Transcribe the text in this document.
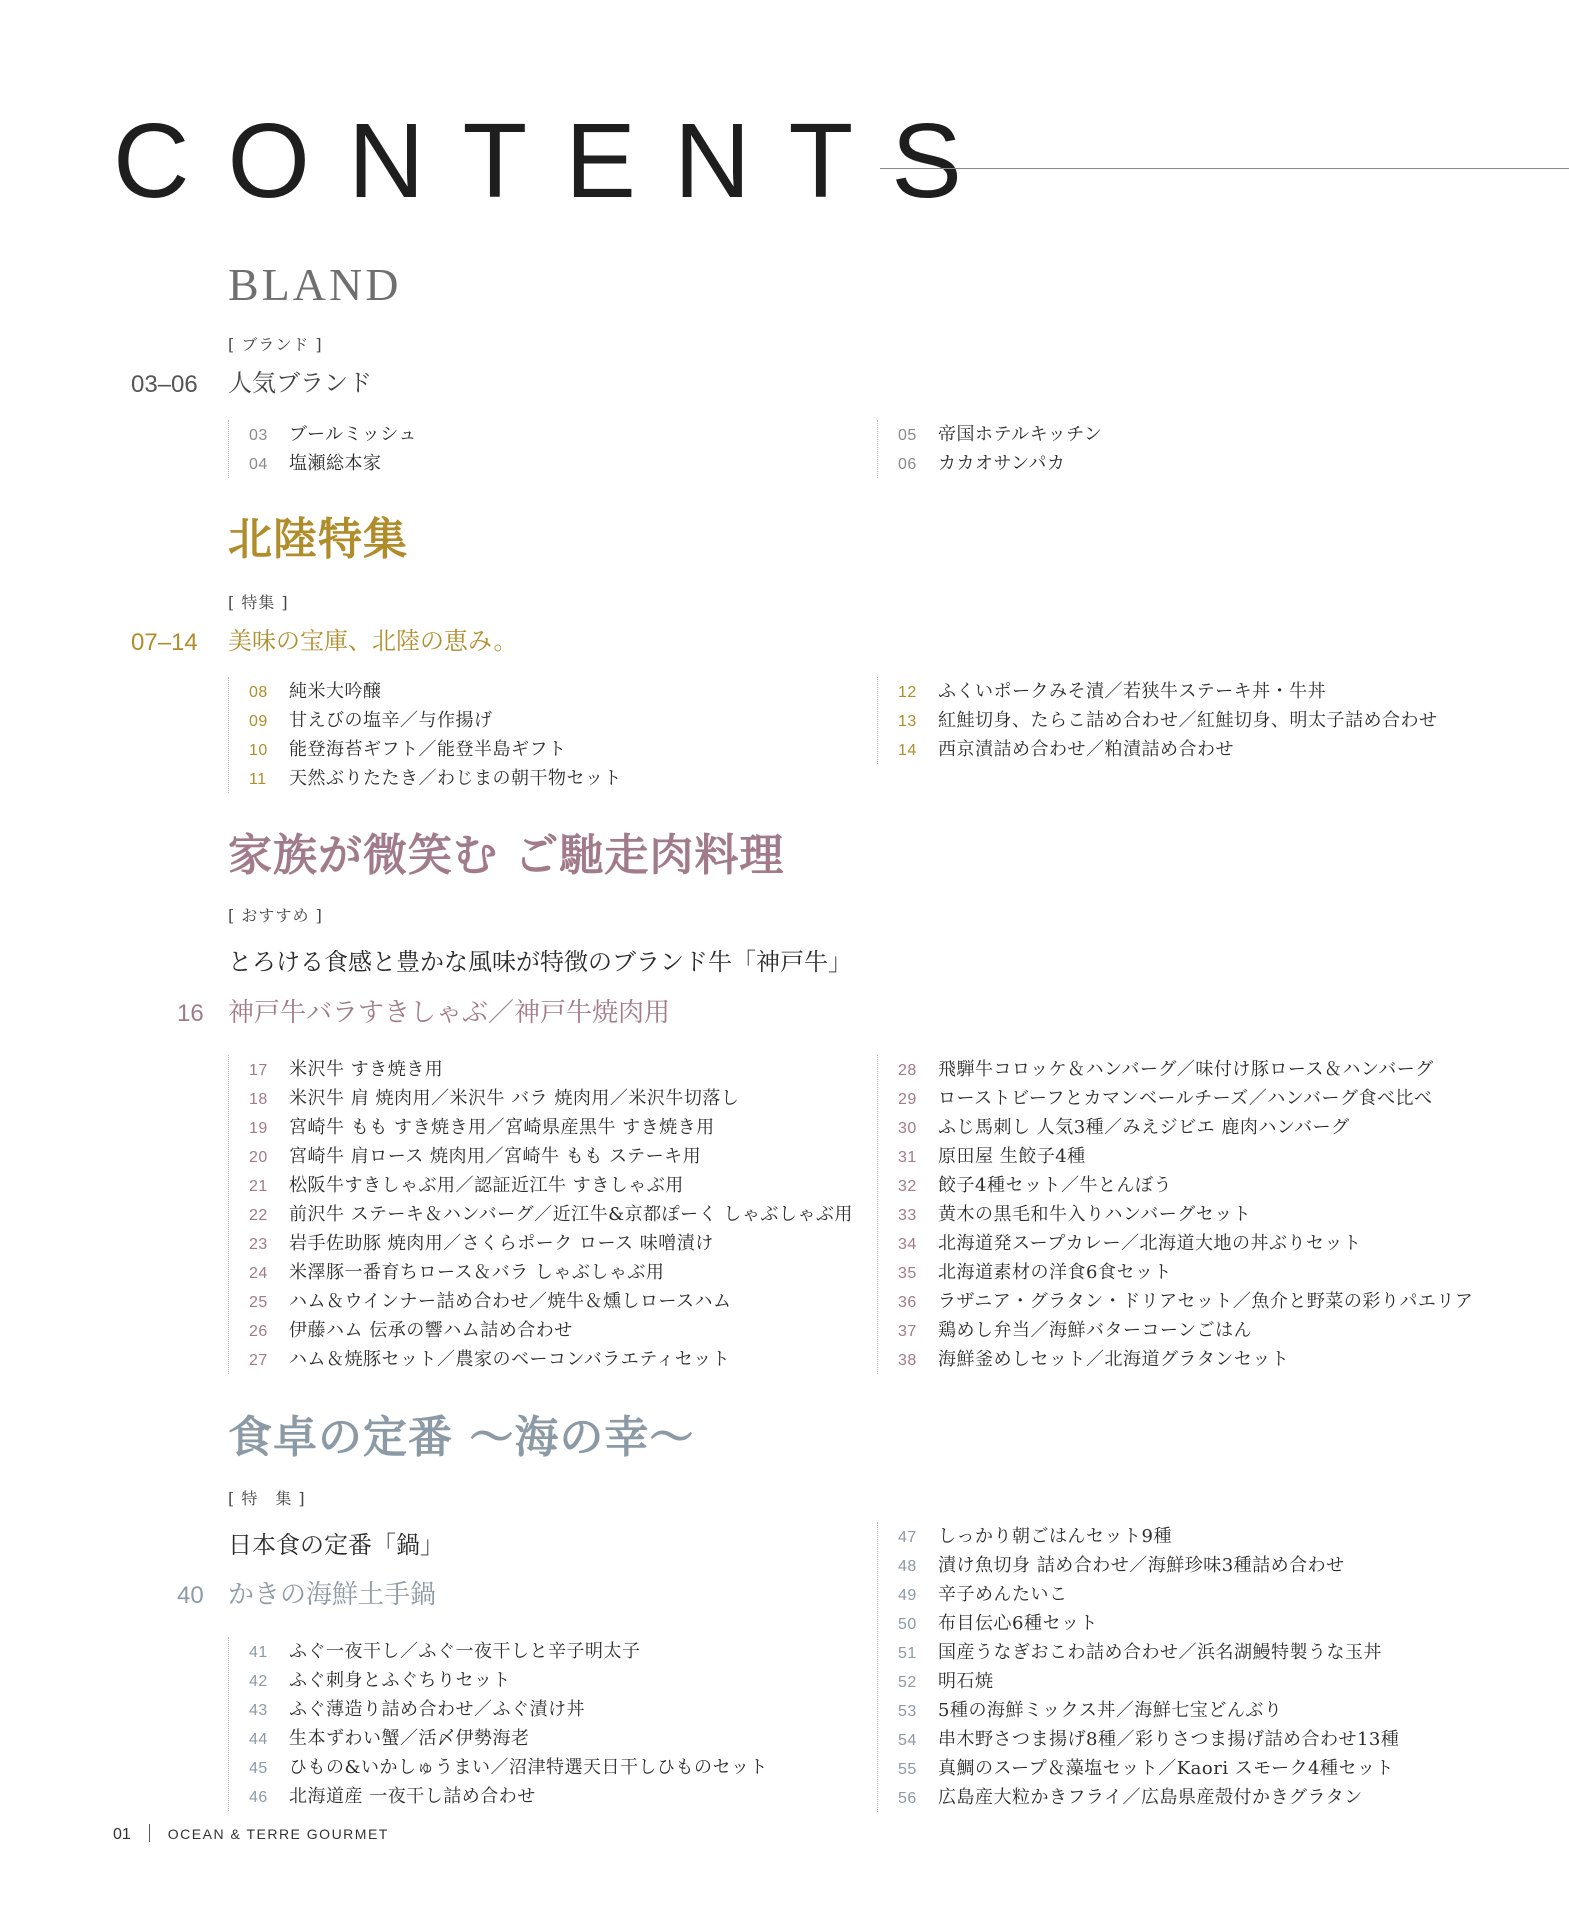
CONTENTS
BLAND
[ ブランド ]
03–06 人気ブランド
03 ブールミッシュ
04 塩瀬総本家
05 帝国ホテルキッチン
06 カカオサンパカ
北陸特集
[ 特集 ]
07–14 美味の宝庫、北陸の恵み。
08 純米大吟醸
09 甘えびの塩辛／与作揚げ
10 能登海苔ギフト／能登半島ギフト
11 天然ぶりたたき／わじまの朝干物セット
12 ふくいポークみそ漬／若狭牛ステーキ丼・牛丼
13 紅鮭切身、たらこ詰め合わせ／紅鮭切身、明太子詰め合わせ
14 西京漬詰め合わせ／粕漬詰め合わせ
家族が微笑む ご馳走肉料理
[ おすすめ ]
とろける食感と豊かな風味が特徴のブランド牛「神戸牛」
16 神戸牛バラすきしゃぶ／神戸牛焼肉用
17 米沢牛 すき焼き用
18 米沢牛 肩 焼肉用／米沢牛 バラ 焼肉用／米沢牛切落し
19 宮崎牛 もも すき焼き用／宮崎県産黒牛 すき焼き用
20 宮崎牛 肩ロース 焼肉用／宮崎牛 もも ステーキ用
21 松阪牛すきしゃぶ用／認証近江牛 すきしゃぶ用
22 前沢牛 ステーキ＆ハンバーグ／近江牛&京都ぽーく しゃぶしゃぶ用
23 岩手佐助豚 焼肉用／さくらポーク ロース 味噌漬け
24 米澤豚一番育ちロース＆バラ しゃぶしゃぶ用
25 ハム＆ウインナー詰め合わせ／焼牛＆燻しロースハム
26 伊藤ハム 伝承の響ハム詰め合わせ
27 ハム＆焼豚セット／農家のベーコンバラエティセット
28 飛騨牛コロッケ＆ハンバーグ／味付け豚ロース＆ハンバーグ
29 ローストビーフとカマンベールチーズ／ハンバーグ食べ比べ
30 ふじ馬刺し 人気3種／みえジビエ 鹿肉ハンバーグ
31 原田屋 生餃子4種
32 餃子4種セット／牛とんぼう
33 黄木の黒毛和牛入りハンバーグセット
34 北海道発スープカレー／北海道大地の丼ぶりセット
35 北海道素材の洋食6食セット
36 ラザニア・グラタン・ドリアセット／魚介と野菜の彩りパエリア
37 鶏めし弁当／海鮮バターコーンごはん
38 海鮮釜めしセット／北海道グラタンセット
食卓の定番 〜海の幸〜
[ 特　集 ]
日本食の定番「鍋」
40 かきの海鮮土手鍋
41 ふぐ一夜干し／ふぐ一夜干しと辛子明太子
42 ふぐ刺身とふぐちりセット
43 ふぐ薄造り詰め合わせ／ふぐ漬け丼
44 生本ずわい蟹／活〆伊勢海老
45 ひもの&いかしゅうまい／沼津特選天日干しひものセット
46 北海道産 一夜干し詰め合わせ
47 しっかり朝ごはんセット9種
48 漬け魚切身 詰め合わせ／海鮮珍味3種詰め合わせ
49 辛子めんたいこ
50 布目伝心6種セット
51 国産うなぎおこわ詰め合わせ／浜名湖鰻特製うな玉丼
52 明石焼
53 5種の海鮮ミックス丼／海鮮七宝どんぶり
54 串木野さつま揚げ8種／彩りさつま揚げ詰め合わせ13種
55 真鯛のスープ＆藻塩セット／Kaori スモーク4種セット
56 広島産大粒かきフライ／広島県産殻付かきグラタン
01	OCEAN & TERRE GOURMET
